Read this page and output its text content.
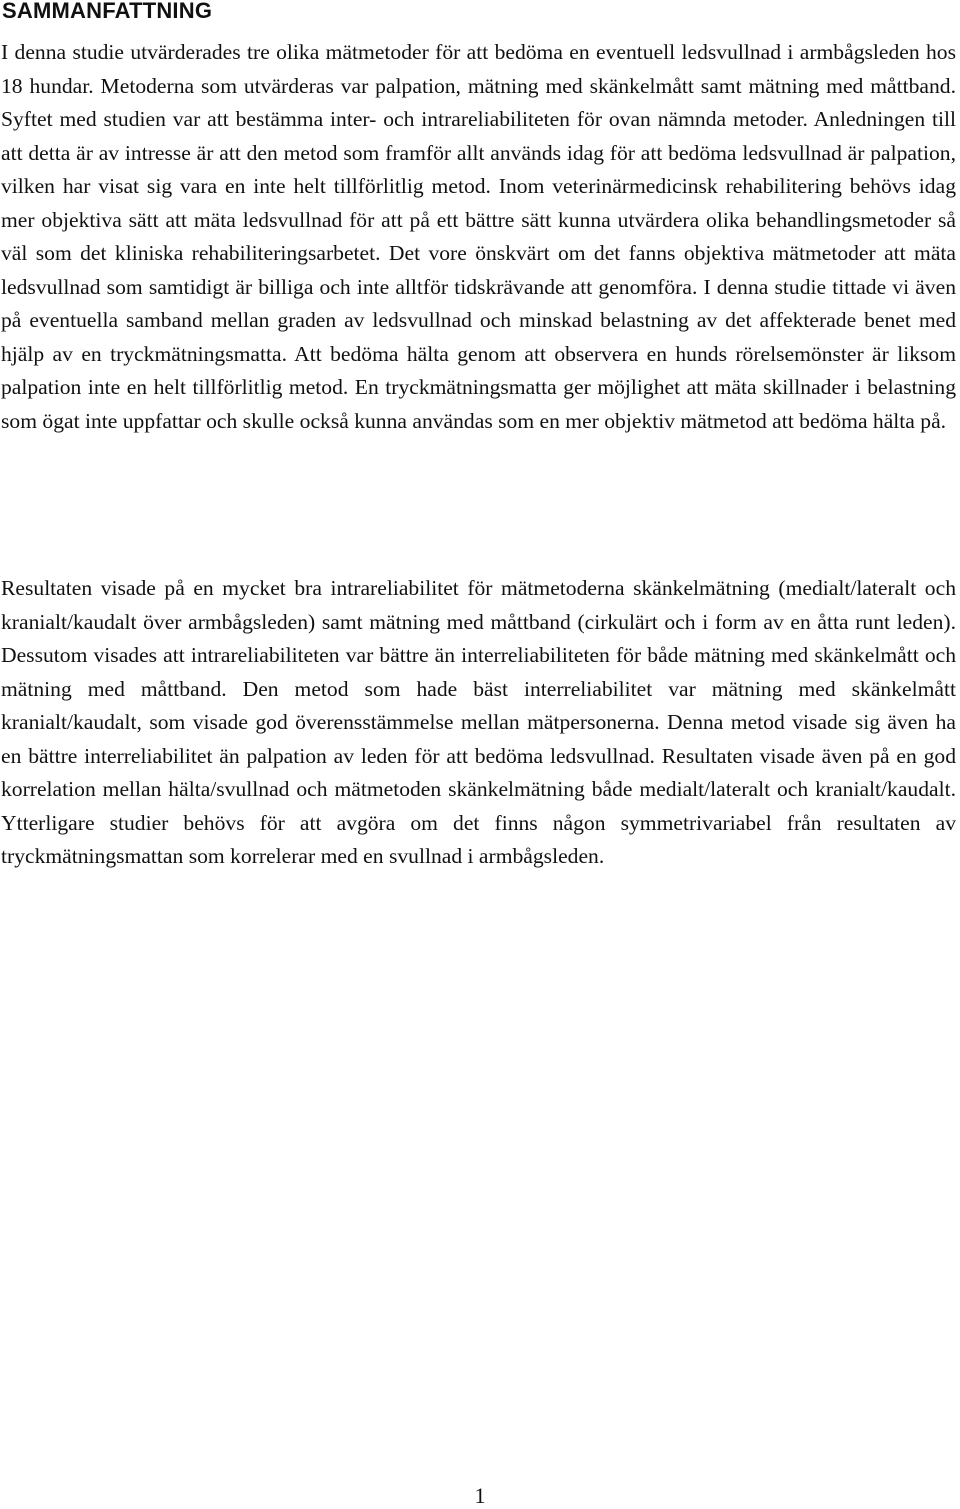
SAMMANFATTNING

I denna studie utvärderades tre olika mätmetoder för att bedöma en eventuell ledsvullnad i armbågsleden hos 18 hundar. Metoderna som utvärderas var palpation, mätning med skänkelmått samt mätning med måttband. Syftet med studien var att bestämma inter- och intrareliabiliteten för ovan nämnda metoder. Anledningen till att detta är av intresse är att den metod som framför allt används idag för att bedöma ledsvullnad är palpation, vilken har visat sig vara en inte helt tillförlitlig metod. Inom veterinärmedicinsk rehabilitering behövs idag mer objektiva sätt att mäta ledsvullnad för att på ett bättre sätt kunna utvärdera olika behandlingsmetoder så väl som det kliniska rehabiliteringsarbetet. Det vore önskvärt om det fanns objektiva mätmetoder att mäta ledsvullnad som samtidigt är billiga och inte alltför tidskrävande att genomföra. I denna studie tittade vi även på eventuella samband mellan graden av ledsvullnad och minskad belastning av det affekterade benet med hjälp av en tryckmätningsmatta. Att bedöma hälta genom att observera en hunds rörelsemönster är liksom palpation inte en helt tillförlitlig metod. En tryckmätningsmatta ger möjlighet att mäta skillnader i belastning som ögat inte uppfattar och skulle också kunna användas som en mer objektiv mätmetod att bedöma hälta på.

Resultaten visade på en mycket bra intrareliabilitet för mätmetoderna skänkelmätning (medialt/lateralt och kranialt/kaudalt över armbågsleden) samt mätning med måttband (cirkulärt och i form av en åtta runt leden). Dessutom visades att intrareliabiliteten var bättre än interreliabiliteten för både mätning med skänkelmått och mätning med måttband. Den metod som hade bäst interreliabilitet var mätning med skänkelmått kranialt/kaudalt, som visade god överensstämmelse mellan mätpersonerna. Denna metod visade sig även ha en bättre interreliabilitet än palpation av leden för att bedöma ledsvullnad. Resultaten visade även på en god korrelation mellan hälta/svullnad och mätmetoden skänkelmätning både medialt/lateralt och kranialt/kaudalt. Ytterligare studier behövs för att avgöra om det finns någon symmetrivariabel från resultaten av tryckmätningsmattan som korrelerar med en svullnad i armbågsleden.

1
